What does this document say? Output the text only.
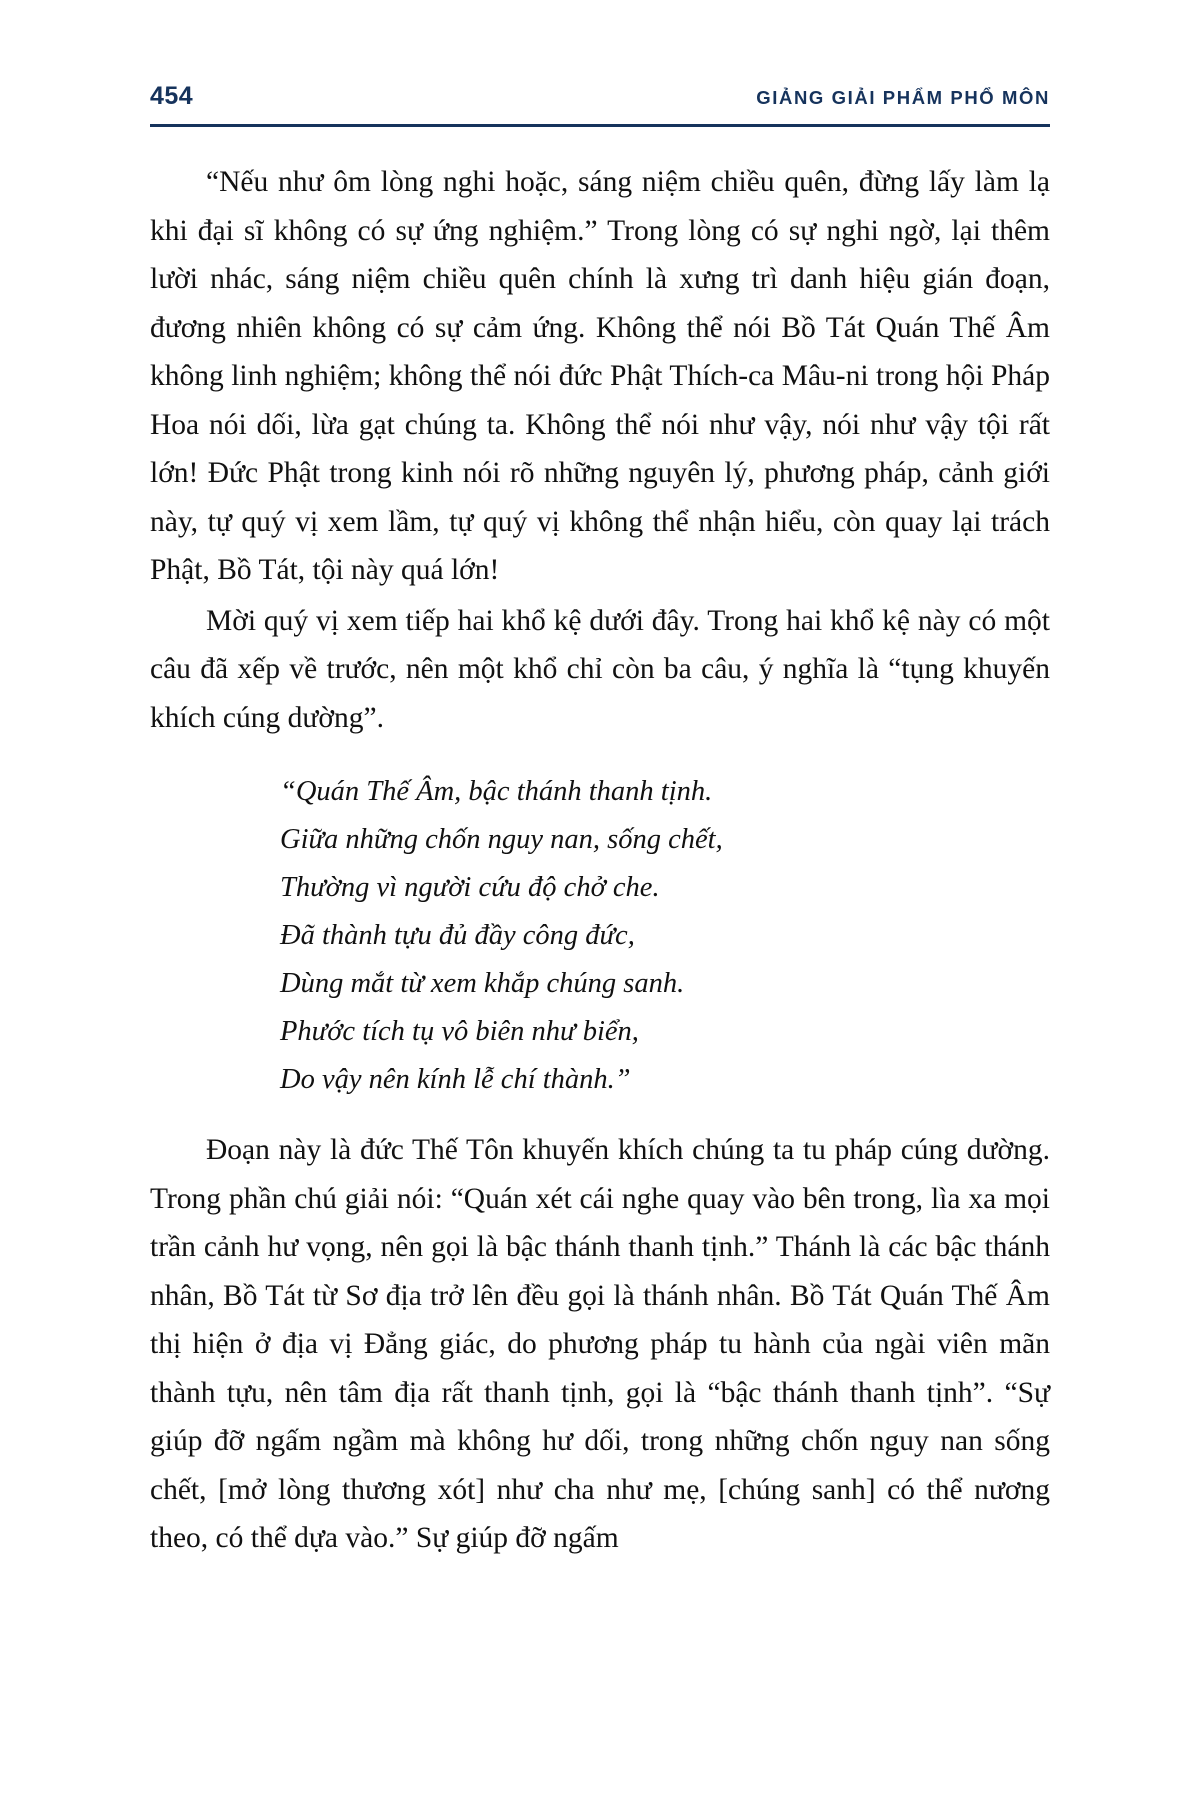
454	GIẢNG GIẢI PHẨM PHỔ MÔN

“Nếu như ôm lòng nghi hoặc, sáng niệm chiều quên, đừng lấy làm lạ khi đại sĩ không có sự ứng nghiệm.” Trong lòng có sự nghi ngờ, lại thêm lười nhác, sáng niệm chiều quên chính là xưng trì danh hiệu gián đoạn, đương nhiên không có sự cảm ứng. Không thể nói Bồ Tát Quán Thế Âm không linh nghiệm; không thể nói đức Phật Thích-ca Mâu-ni trong hội Pháp Hoa nói dối, lừa gạt chúng ta. Không thể nói như vậy, nói như vậy tội rất lớn! Đức Phật trong kinh nói rõ những nguyên lý, phương pháp, cảnh giới này, tự quý vị xem lầm, tự quý vị không thể nhận hiểu, còn quay lại trách Phật, Bồ Tát, tội này quá lớn!

Mời quý vị xem tiếp hai khổ kệ dưới đây. Trong hai khổ kệ này có một câu đã xếp về trước, nên một khổ chỉ còn ba câu, ý nghĩa là “tụng khuyến khích cúng dường”.

“Quán Thế Âm, bậc thánh thanh tịnh.
Giữa những chốn nguy nan, sống chết,
Thường vì người cứu độ chở che.
Đã thành tựu đủ đầy công đức,
Dùng mắt từ xem khắp chúng sanh.
Phước tích tụ vô biên như biển,
Do vậy nên kính lễ chí thành.”

Đoạn này là đức Thế Tôn khuyến khích chúng ta tu pháp cúng dường. Trong phần chú giải nói: “Quán xét cái nghe quay vào bên trong, lìa xa mọi trần cảnh hư vọng, nên gọi là bậc thánh thanh tịnh.” Thánh là các bậc thánh nhân, Bồ Tát từ Sơ địa trở lên đều gọi là thánh nhân. Bồ Tát Quán Thế Âm thị hiện ở địa vị Đẳng giác, do phương pháp tu hành của ngài viên mãn thành tựu, nên tâm địa rất thanh tịnh, gọi là “bậc thánh thanh tịnh”. “Sự giúp đỡ ngấm ngầm mà không hư dối, trong những chốn nguy nan sống chết, [mở lòng thương xót] như cha như mẹ, [chúng sanh] có thể nương theo, có thể dựa vào.” Sự giúp đỡ ngấm
